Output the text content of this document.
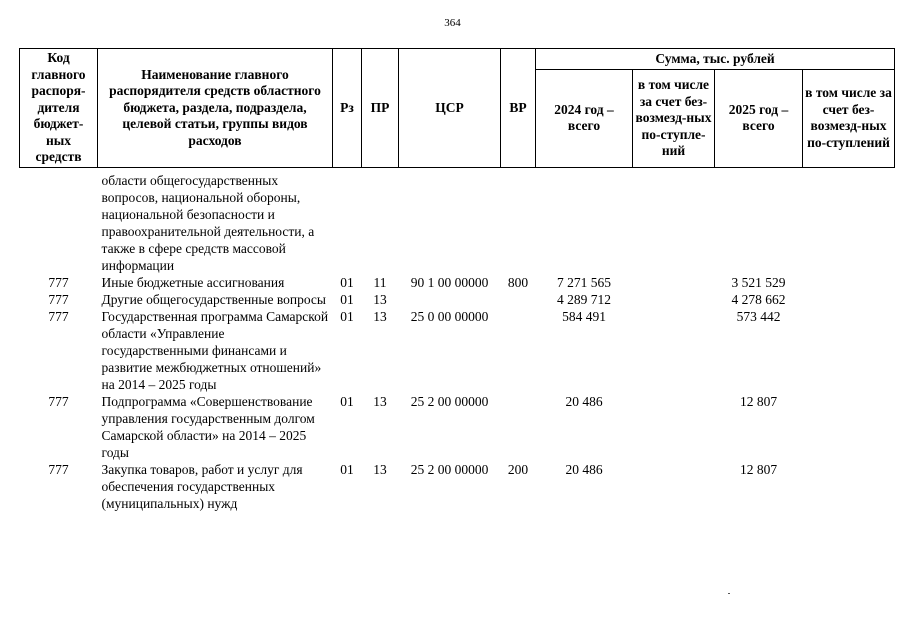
364
Код главного распоря-дителя бюджет-ных средств	Наименование главного распорядителя средств областного бюджета, раздела, подраздела, целевой статьи, группы видов расходов	Рз	ПР	ЦСР	ВР	Сумма, тыс. рублей			
						2024 год – всего	в том числе за счет без-возмезд-ных по-ступле-ний	2025 год – всего	в том числе за счет без-возмезд-ных по-ступлений
	области общегосударственных вопросов, национальной обороны, национальной безопасности и правоохранительной деятельности, а также в сфере средств массовой информации								
777	Иные бюджетные ассигнования	01	11	90 1 00 00000	800	7 271 565		3 521 529	
777	Другие общегосударственные вопросы	01	13			4 289 712		4 278 662	
777	Государственная программа Самарской области «Управление государственными финансами и развитие межбюджетных отношений» на 2014 – 2025 годы	01	13	25 0 00 00000		584 491		573 442	
777	Подпрограмма «Совершенствование управления государственным долгом Самарской области» на 2014 – 2025 годы	01	13	25 2 00 00000		20 486		12 807	
777	Закупка товаров, работ и услуг для обеспечения государственных (муниципальных) нужд	01	13	25 2 00 00000	200	20 486		12 807	
